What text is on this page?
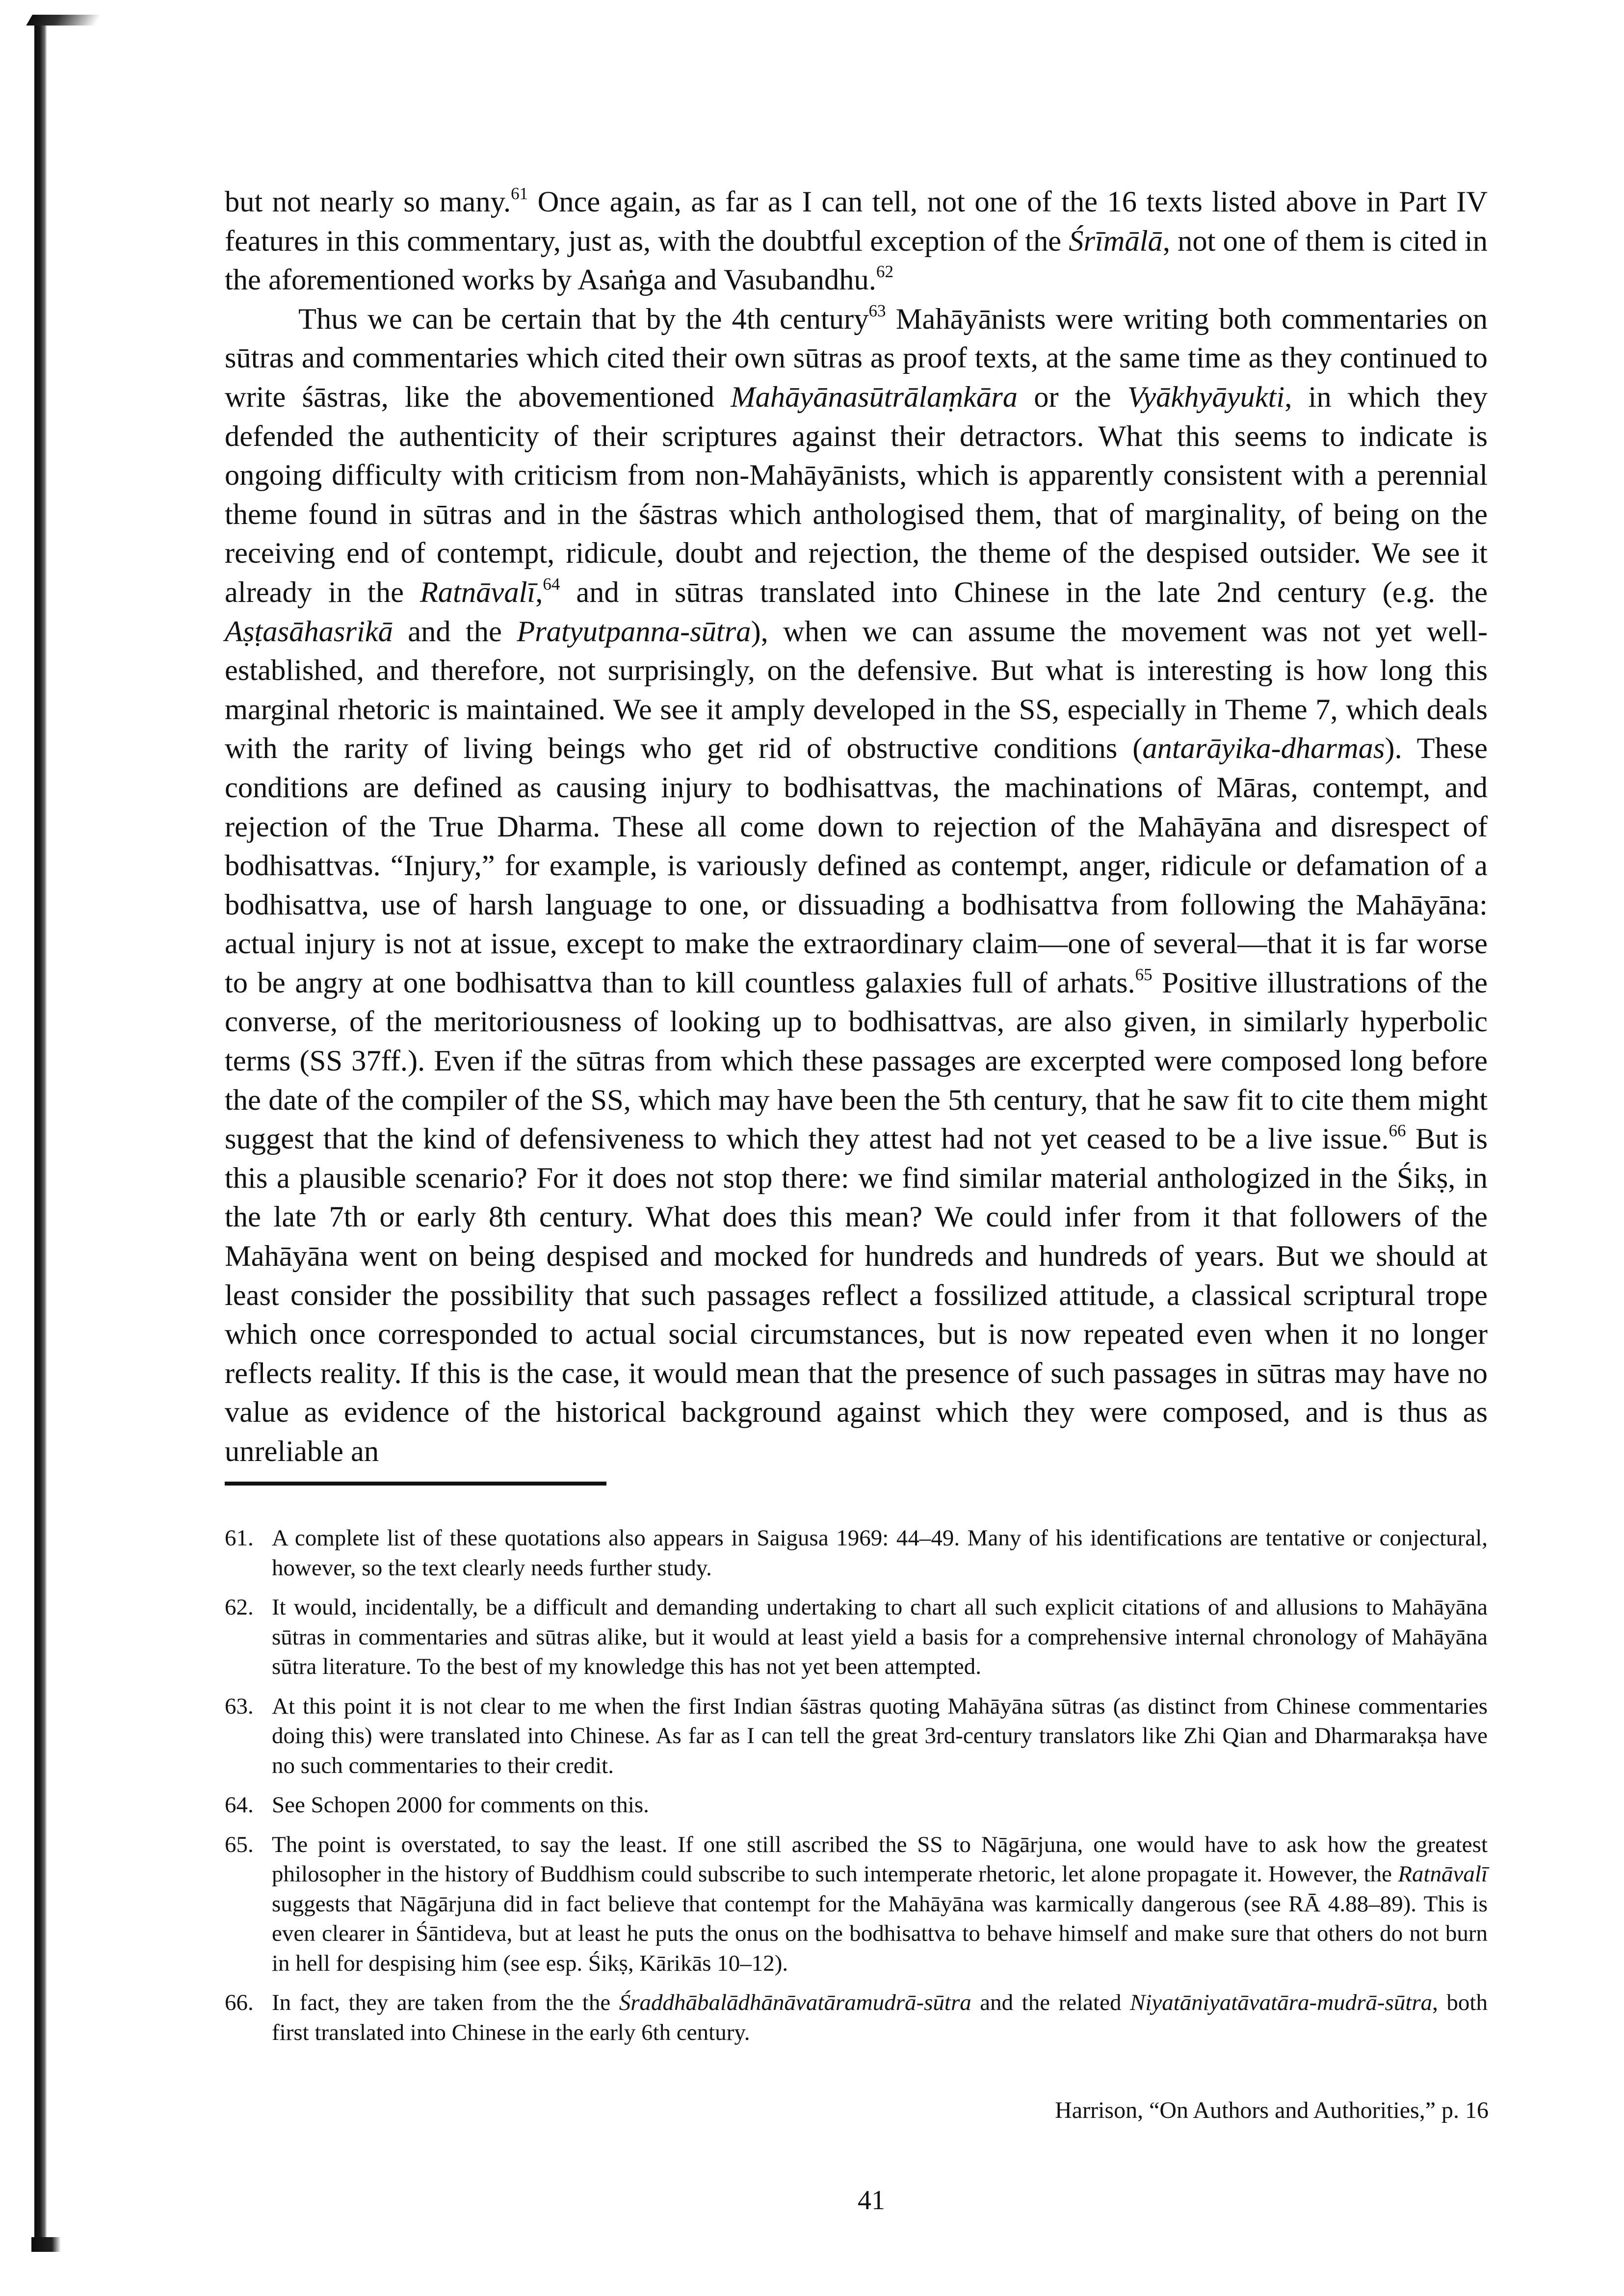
but not nearly so many.$^{61}$ Once again, as far as I can tell, not one of the 16 texts listed above in Part IV features in this commentary, just as, with the doubtful exception of the Śrīmālā, not one of them is cited in the aforementioned works by Asaṅga and Vasubandhu.$^{62}$

Thus we can be certain that by the 4th century$^{63}$ Mahāyānists were writing both commentaries on sūtras and commentaries which cited their own sūtras as proof texts, at the same time as they continued to write śāstras, like the abovementioned Mahāyānasūtrālaṃkāra or the Vyākhyāyukti, in which they defended the authenticity of their scriptures against their detractors. What this seems to indicate is ongoing difficulty with criticism from non-Mahāyānists, which is apparently consistent with a perennial theme found in sūtras and in the śāstras which anthologised them, that of marginality, of being on the receiving end of contempt, ridicule, doubt and rejection, the theme of the despised outsider. We see it already in the Ratnāvalī,$^{64}$ and in sūtras translated into Chinese in the late 2nd century (e.g. the Aṣṭasāhasrikā and the Pratyutpanna-sūtra), when we can assume the movement was not yet well-established, and therefore, not surprisingly, on the defensive. But what is interesting is how long this marginal rhetoric is maintained. We see it amply developed in the SS, especially in Theme 7, which deals with the rarity of living beings who get rid of obstructive conditions (antarāyika-dharmas). These conditions are defined as causing injury to bodhisattvas, the machinations of Māras, contempt, and rejection of the True Dharma. These all come down to rejection of the Mahāyāna and disrespect of bodhisattvas. “Injury,” for example, is variously defined as contempt, anger, ridicule or defamation of a bodhisattva, use of harsh language to one, or dissuading a bodhisattva from following the Mahāyāna: actual injury is not at issue, except to make the extraordinary claim—one of several—that it is far worse to be angry at one bodhisattva than to kill countless galaxies full of arhats.$^{65}$ Positive illustrations of the converse, of the meritoriousness of looking up to bodhisattvas, are also given, in similarly hyperbolic terms (SS 37ff.). Even if the sūtras from which these passages are excerpted were composed long before the date of the compiler of the SS, which may have been the 5th century, that he saw fit to cite them might suggest that the kind of defensiveness to which they attest had not yet ceased to be a live issue.$^{66}$ But is this a plausible scenario? For it does not stop there: we find similar material anthologized in the Śikṣ, in the late 7th or early 8th century. What does this mean? We could infer from it that followers of the Mahāyāna went on being despised and mocked for hundreds and hundreds of years. But we should at least consider the possibility that such passages reflect a fossilized attitude, a classical scriptural trope which once corresponded to actual social circumstances, but is now repeated even when it no longer reflects reality. If this is the case, it would mean that the presence of such passages in sūtras may have no value as evidence of the historical background against which they were composed, and is thus as unreliable an

61. A complete list of these quotations also appears in Saigusa 1969: 44–49. Many of his identifications are tentative or conjectural, however, so the text clearly needs further study.
62. It would, incidentally, be a difficult and demanding undertaking to chart all such explicit citations of and allusions to Mahāyāna sūtras in commentaries and sūtras alike, but it would at least yield a basis for a comprehensive internal chronology of Mahāyāna sūtra literature. To the best of my knowledge this has not yet been attempted.
63. At this point it is not clear to me when the first Indian śāstras quoting Mahāyāna sūtras (as distinct from Chinese commentaries doing this) were translated into Chinese. As far as I can tell the great 3rd-century translators like Zhi Qian and Dharmarakṣa have no such commentaries to their credit.
64. See Schopen 2000 for comments on this.
65. The point is overstated, to say the least. If one still ascribed the SS to Nāgārjuna, one would have to ask how the greatest philosopher in the history of Buddhism could subscribe to such intemperate rhetoric, let alone propagate it. However, the Ratnāvalī suggests that Nāgārjuna did in fact believe that contempt for the Mahāyāna was karmically dangerous (see RĀ 4.88–89). This is even clearer in Śāntideva, but at least he puts the onus on the bodhisattva to behave himself and make sure that others do not burn in hell for despising him (see esp. Śikṣ, Kārikās 10–12).
66. In fact, they are taken from the the Śraddhābalādhānāvatāramudrā-sūtra and the related Niyatāniyatāvatāra-mudrā-sūtra, both first translated into Chinese in the early 6th century.
Harrison, “On Authors and Authorities,” p. 16
41
